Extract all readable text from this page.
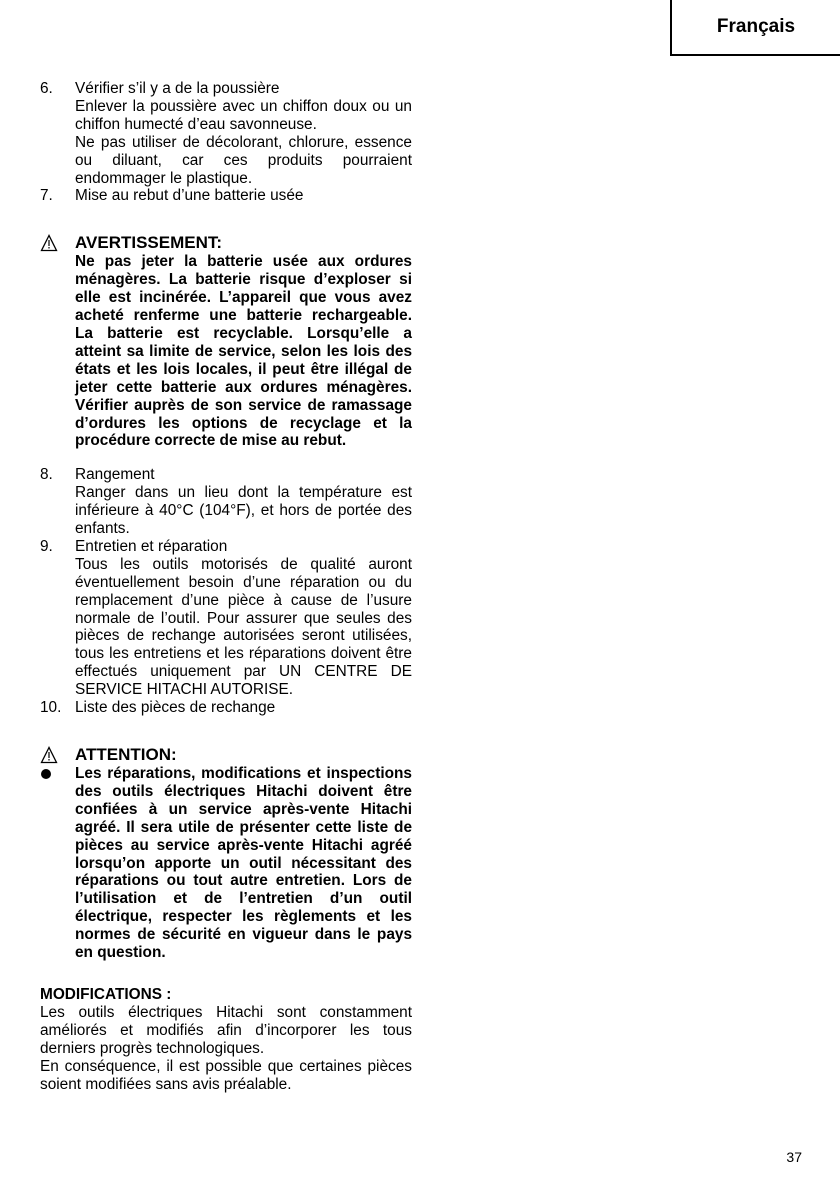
Français
6.	Vérifier s’il y a de la poussière
Enlever la poussière avec un chiffon doux ou un chiffon humecté d’eau savonneuse.
Ne pas utiliser de décolorant, chlorure, essence ou diluant, car ces produits pourraient endommager le plastique.
7.	Mise au rebut d’une batterie usée
AVERTISSEMENT:
Ne pas jeter la batterie usée aux ordures ménagères. La batterie risque d’exploser si elle est incinérée. L’appareil que vous avez acheté renferme une batterie rechargeable. La batterie est recyclable. Lorsqu’elle a atteint sa limite de service, selon les lois des états et les lois locales, il peut être illégal de jeter cette batterie aux ordures ménagères. Vérifier auprès de son service de ramassage d’ordures les options de recyclage et la procédure correcte de mise au rebut.
8.	Rangement
Ranger dans un lieu dont la température est inférieure à 40°C (104°F), et hors de portée des enfants.
9.	Entretien et réparation
Tous les outils motorisés de qualité auront éventuellement besoin d’une réparation ou du remplacement d’une pièce à cause de l’usure normale de l’outil. Pour assurer que seules des pièces de rechange autorisées seront utilisées, tous les entretiens et les réparations doivent être effectués uniquement par UN CENTRE DE SERVICE HITACHI AUTORISE.
10. Liste des pièces de rechange
ATTENTION:
Les réparations, modifications et inspections des outils électriques Hitachi doivent être confiées à un service après-vente Hitachi agréé. Il sera utile de présenter cette liste de pièces au service après-vente Hitachi agréé lorsqu’on apporte un outil nécessitant des réparations ou tout autre entretien. Lors de l’utilisation et de l’entretien d’un outil électrique, respecter les règlements et les normes de sécurité en vigueur dans le pays en question.
MODIFICATIONS :
Les outils électriques Hitachi sont constamment améliorés et modifiés afin d’incorporer les tous derniers progrès technologiques.
En conséquence, il est possible que certaines pièces soient modifiées sans avis préalable.
37
